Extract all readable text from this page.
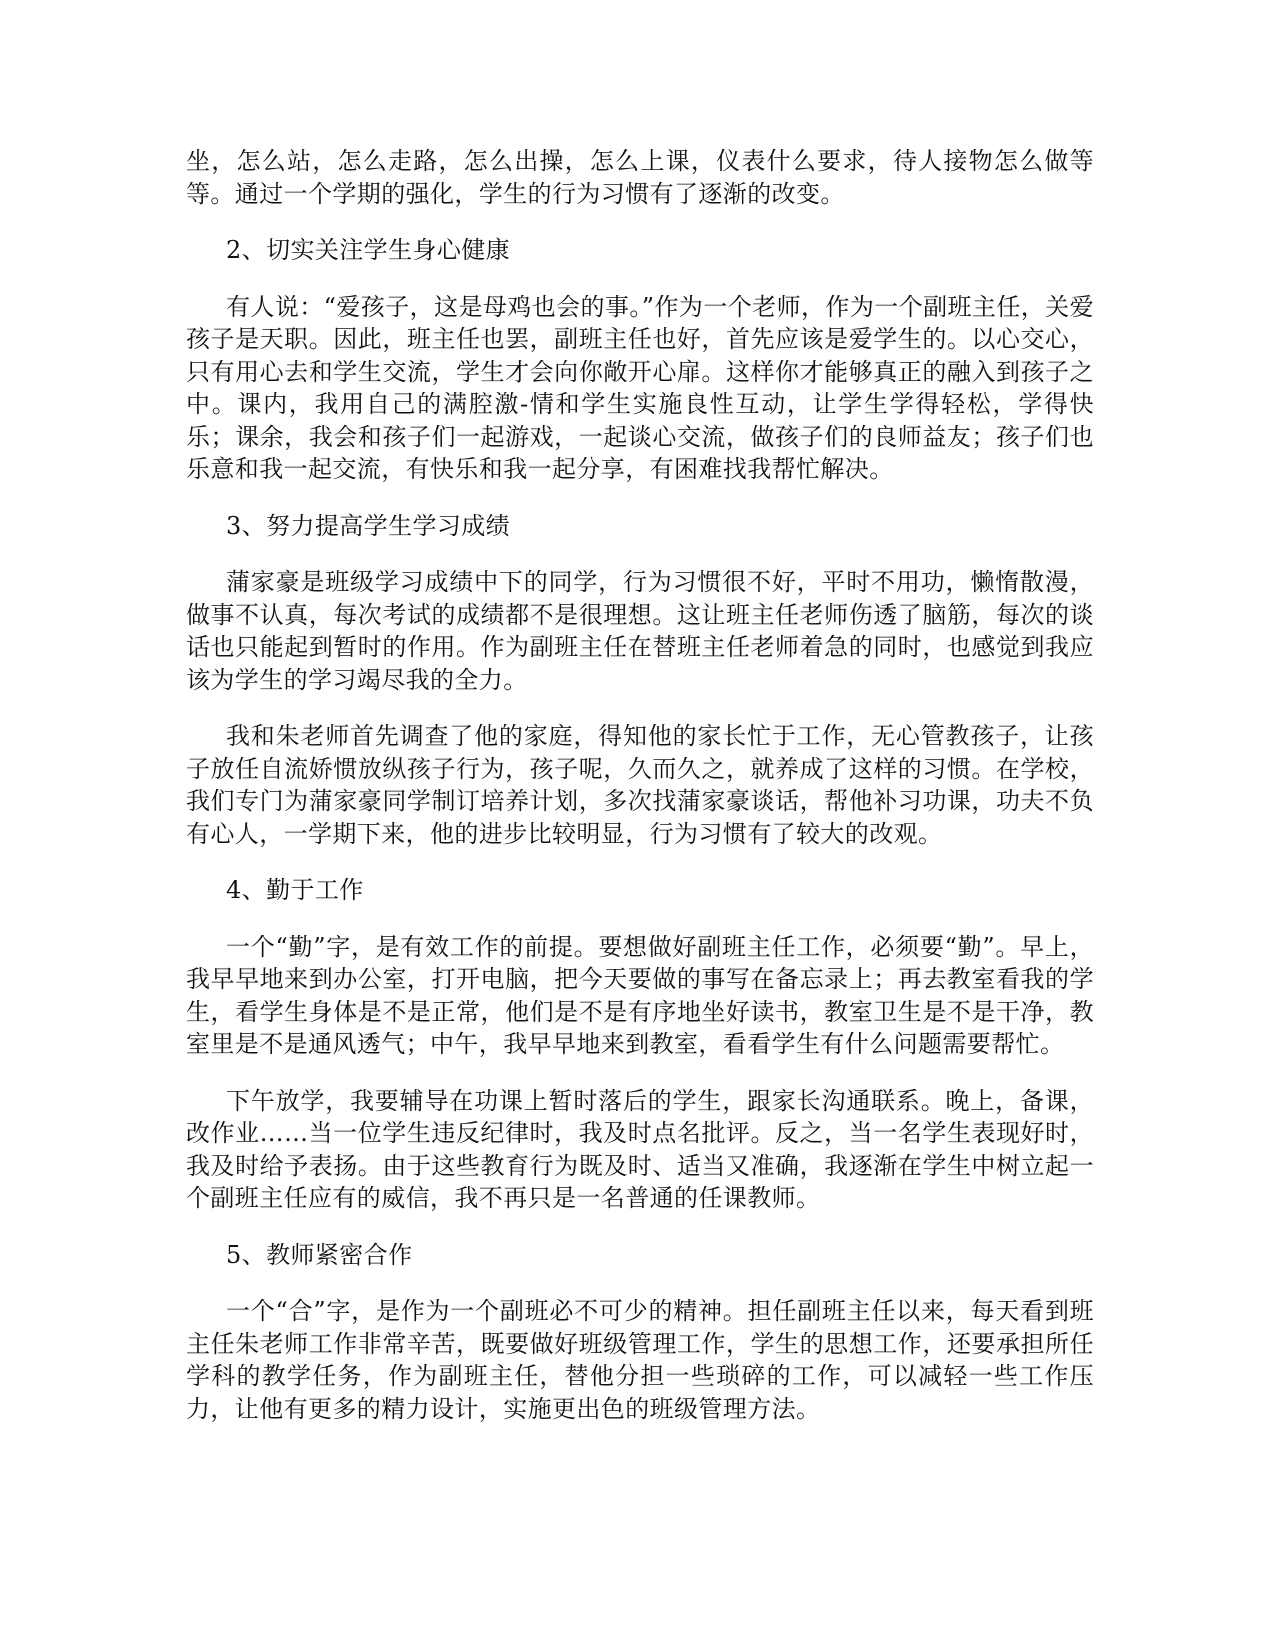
坐，怎么站，怎么走路，怎么出操，怎么上课，仪表什么要求，待人接物怎么做等等。通过一个学期的强化，学生的行为习惯有了逐渐的改变。

2、切实关注学生身心健康

有人说：“爱孩子，这是母鸡也会的事。”作为一个老师，作为一个副班主任，关爱孩子是天职。因此，班主任也罢，副班主任也好，首先应该是爱学生的。以心交心，只有用心去和学生交流，学生才会向你敞开心扉。这样你才能够真正的融入到孩子之中。课内，我用自己的满腔激-情和学生实施良性互动，让学生学得轻松，学得快乐；课余，我会和孩子们一起游戏，一起谈心交流，做孩子们的良师益友；孩子们也乐意和我一起交流，有快乐和我一起分享，有困难找我帮忙解决。

3、努力提高学生学习成绩

蒲家豪是班级学习成绩中下的同学，行为习惯很不好，平时不用功，懒惰散漫，做事不认真，每次考试的成绩都不是很理想。这让班主任老师伤透了脑筋，每次的谈话也只能起到暂时的作用。作为副班主任在替班主任老师着急的同时，也感觉到我应该为学生的学习竭尽我的全力。

我和朱老师首先调查了他的家庭，得知他的家长忙于工作，无心管教孩子，让孩子放任自流娇惯放纵孩子行为，孩子呢，久而久之，就养成了这样的习惯。在学校，我们专门为蒲家豪同学制订培养计划，多次找蒲家豪谈话，帮他补习功课，功夫不负有心人，一学期下来，他的进步比较明显，行为习惯有了较大的改观。

4、勤于工作

一个“勤”字，是有效工作的前提。要想做好副班主任工作，必须要“勤”。早上，我早早地来到办公室，打开电脑，把今天要做的事写在备忘录上；再去教室看我的学生，看学生身体是不是正常，他们是不是有序地坐好读书，教室卫生是不是干净，教室里是不是通风透气；中午，我早早地来到教室，看看学生有什么问题需要帮忙。

下午放学，我要辅导在功课上暂时落后的学生，跟家长沟通联系。晚上，备课，改作业……当一位学生违反纪律时，我及时点名批评。反之，当一名学生表现好时，我及时给予表扬。由于这些教育行为既及时、适当又准确，我逐渐在学生中树立起一个副班主任应有的威信，我不再只是一名普通的任课教师。

5、教师紧密合作

一个“合”字，是作为一个副班必不可少的精神。担任副班主任以来，每天看到班主任朱老师工作非常辛苦，既要做好班级管理工作，学生的思想工作，还要承担所任学科的教学任务，作为副班主任，替他分担一些琐碎的工作，可以减轻一些工作压力，让他有更多的精力设计，实施更出色的班级管理方法。
